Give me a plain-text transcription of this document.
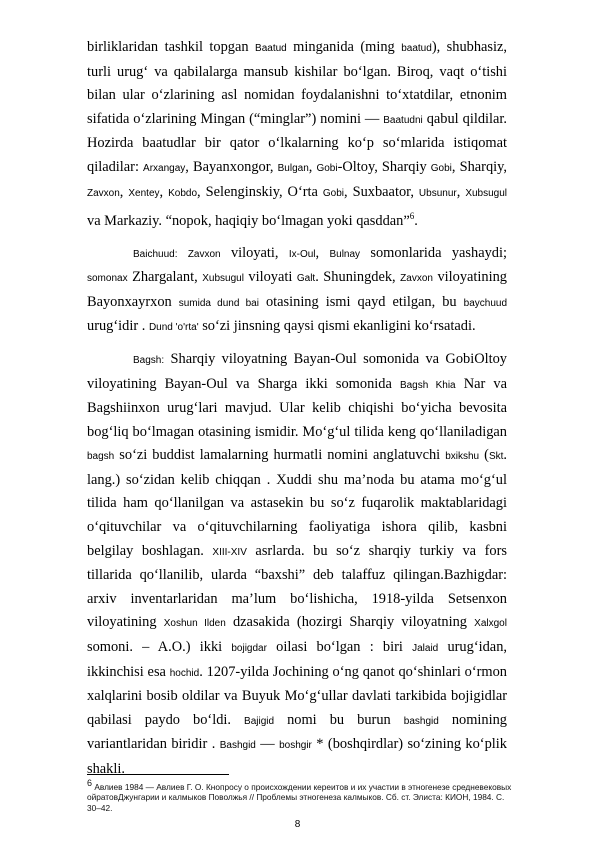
birliklaridan tashkil topgan Baatud minganida (ming baatud), shubhasiz, turli urug‘ va qabilalarga mansub kishilar bo‘lgan. Biroq, vaqt o‘tishi bilan ular o‘zlarining asl nomidan foydalanishni to‘xtatdilar, etnonim sifatida o‘zlarining Mingan (“minglar”) nomini — Baatudni qabul qildilar. Hozirda baatudlar bir qator o‘lkalarning ko‘p so‘mlarida istiqomat qiladilar: Arxangay, Bayanxongor, Bulgan, Gobi-Oltoy, Sharqiy Gobi, Sharqiy, Zavxon, Xentey, Kobdo, Selenginskiy, O‘rta Gobi, Suxbaator, Ubsunur, Xubsugul va Markaziy. “nopok, haqiqiy bo‘lmagan yoki qasddan”$^6$.

Baichuud: Zavxon viloyati, Ix-Oul, Bulnay somonlarida yashaydi; somonax Zhargalant, Xubsugul viloyati Galt. Shuningdek, Zavxon viloyatining Bayonxayrxon sumida dund bai otasining ismi qayd etilgan, bu baychuud urug‘idir . Dund 'o'rta' so‘zi jinsning qaysi qismi ekanligini ko‘rsatadi.

Bagsh: Sharqiy viloyatning Bayan-Oul somonida va GobiOltoy viloyatining Bayan-Oul va Sharga ikki somonida Bagsh Khia Nar va Bagshiinxon urug‘lari mavjud. Ular kelib chiqishi bo‘yicha bevosita bog‘liq bo‘lmagan otasining ismidir. Mo‘g‘ul tilida keng qo‘llaniladigan bagsh so‘zi buddist lamalarning hurmatli nomini anglatuvchi bxikshu (Skt. lang.) so‘zidan kelib chiqqan . Xuddi shu ma’noda bu atama mo‘g‘ul tilida ham qo‘llanilgan va astasekin bu so‘z fuqarolik maktablaridagi o‘qituvchilar va o‘qituvchilarning faoliyatiga ishora qilib, kasbni belgilay boshlagan. XIII-XIV asrlarda. bu so‘z sharqiy turkiy va fors tillarida qo‘llanilib, ularda “baxshi” deb talaffuz qilingan.Bazhigdar: arxiv inventarlaridan ma’lum bo‘lishicha, 1918-yilda Setsenxon viloyatining Xoshun Ilden dzasakida (hozirgi Sharqiy viloyatning Xalxgol somoni. – A.O.) ikki bojigdar oilasi bo‘lgan : biri Jalaid urug‘idan, ikkinchisi esa hochid. 1207-yilda Jochining o‘ng qanot qo‘shinlari o‘rmon xalqlarini bosib oldilar va Buyuk Mo‘g‘ullar davlati tarkibida bojigidlar qabilasi paydo bo‘ldi. Bajigid nomi bu burun bashgid nomining variantlaridan biridir . Bashgid — boshgir * (boshqirdlar) so‘zining ko‘plik shakli.

$^6$ Авлиев 1984 — Авлиев Г. О. Кнопросу о происхождении кереитов и их участии в этногенезе средневековых ойратовДжунгарии и калмыков Поволжья // Проблемы этногенеза калмыков. Сб. ст. Элиста: КИОН, 1984. С. 30–42.
8
